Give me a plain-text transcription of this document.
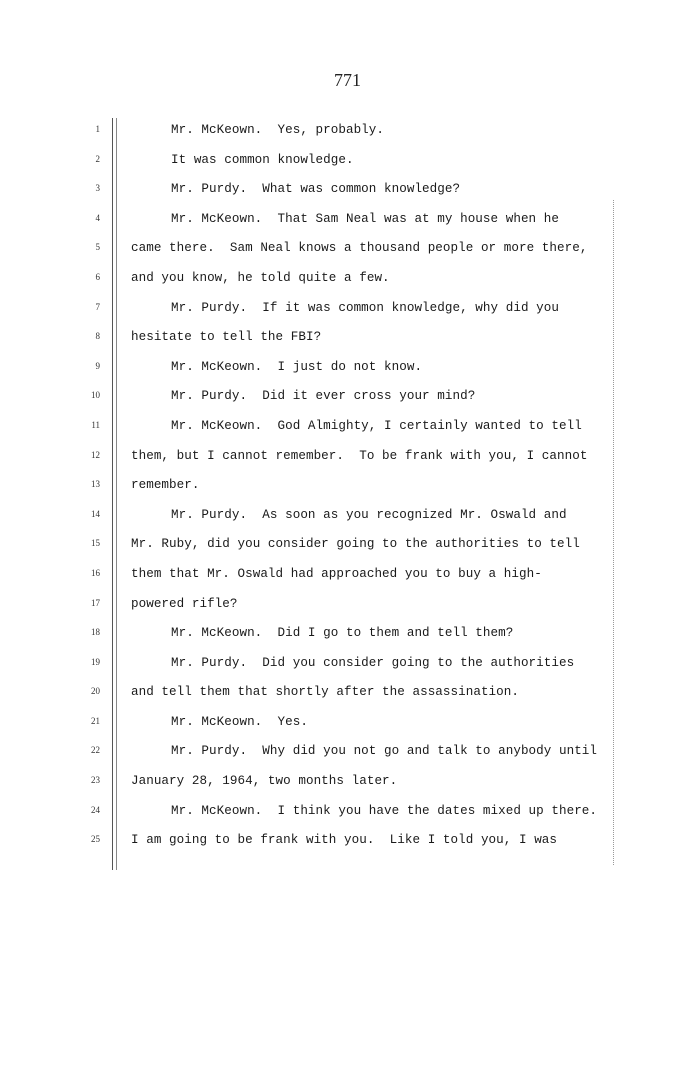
771
1
2
3
4
5
6
7
8
9
10
11
12
13
14
15
16
17
18
19
20
21
22
23
24
25
Mr. McKeown.  Yes, probably.
It was common knowledge.
Mr. Purdy.  What was common knowledge?
Mr. McKeown.  That Sam Neal was at my house when he
came there.  Sam Neal knows a thousand people or more there,
and you know, he told quite a few.
Mr. Purdy.  If it was common knowledge, why did you
hesitate to tell the FBI?
Mr. McKeown.  I just do not know.
Mr. Purdy.  Did it ever cross your mind?
Mr. McKeown.  God Almighty, I certainly wanted to tell
them, but I cannot remember.  To be frank with you, I cannot
remember.
Mr. Purdy.  As soon as you recognized Mr. Oswald and
Mr. Ruby, did you consider going to the authorities to tell
them that Mr. Oswald had approached you to buy a high-
powered rifle?
Mr. McKeown.  Did I go to them and tell them?
Mr. Purdy.  Did you consider going to the authorities
and tell them that shortly after the assassination.
Mr. McKeown.  Yes.
Mr. Purdy.  Why did you not go and talk to anybody until
January 28, 1964, two months later.
Mr. McKeown.  I think you have the dates mixed up there.
I am going to be frank with you.  Like I told you, I was
